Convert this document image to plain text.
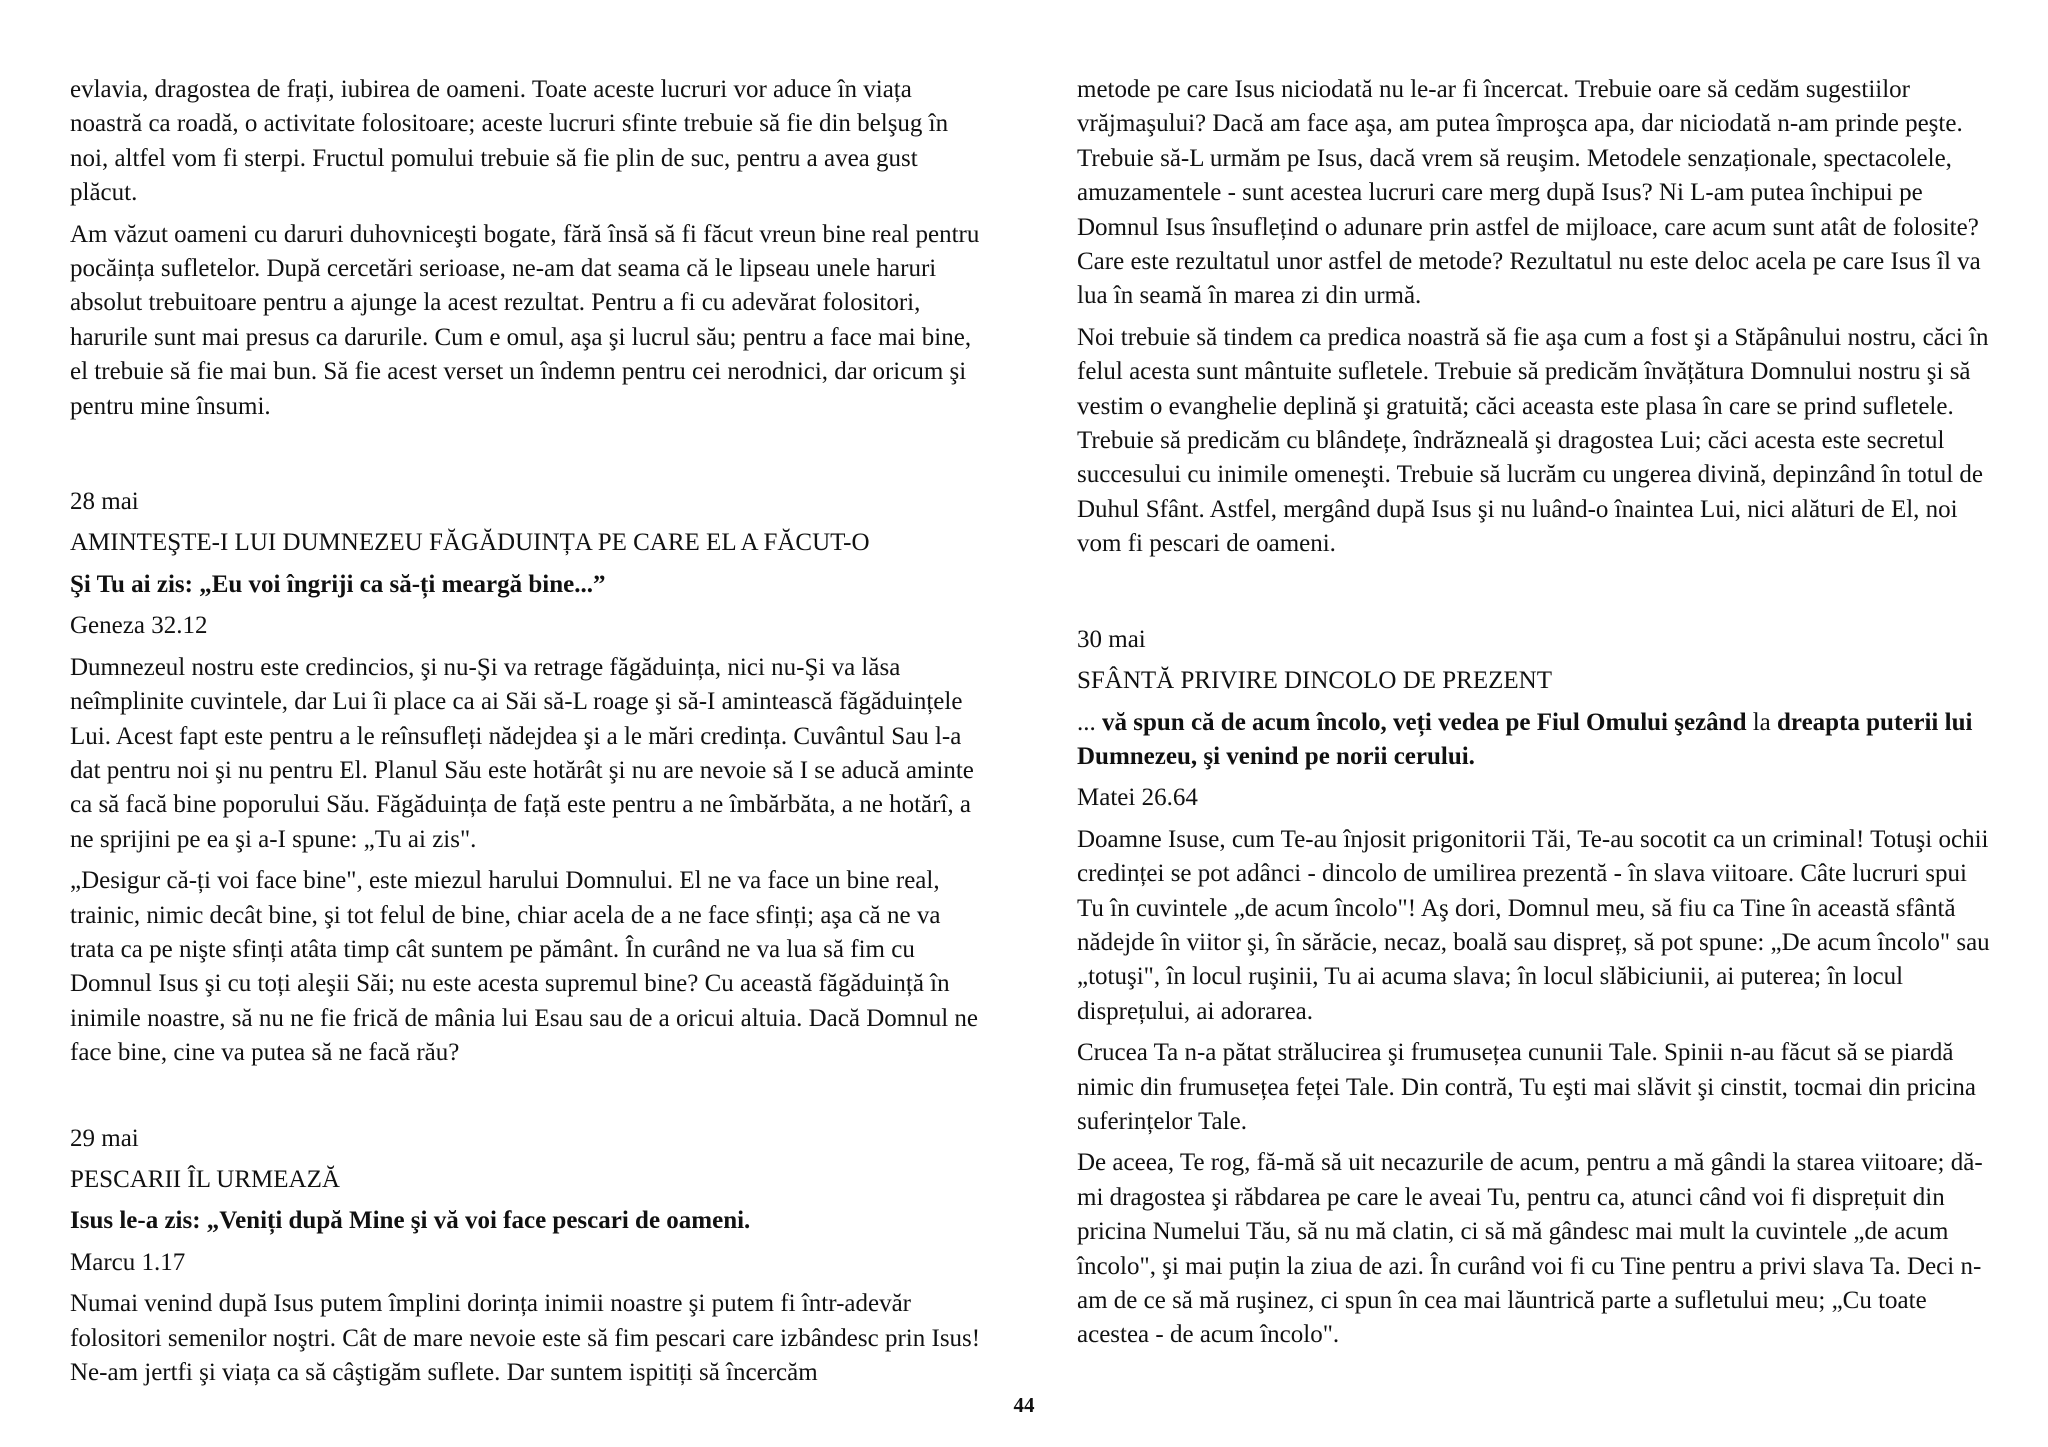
evlavia, dragostea de frați, iubirea de oameni. Toate aceste lucruri vor aduce în viața noastră ca roadă, o activitate folositoare; aceste lucruri sfinte trebuie să fie din belşug în noi, altfel vom fi sterpi. Fructul pomului trebuie să fie plin de suc, pentru a avea gust plăcut.

Am văzut oameni cu daruri duhovniceşti bogate, fără însă să fi făcut vreun bine real pentru pocăința sufletelor. După cercetări serioase, ne-am dat seama că le lipseau unele haruri absolut trebuitoare pentru a ajunge la acest rezultat. Pentru a fi cu adevărat folositori, harurile sunt mai presus ca darurile. Cum e omul, aşa şi lucrul său; pentru a face mai bine, el trebuie să fie mai bun. Să fie acest verset un îndemn pentru cei nerodnici, dar oricum şi pentru mine însumi.

28 mai
AMINTEŞTE-I LUI DUMNEZEU FĂGĂDUINȚA PE CARE EL A FĂCUT-O
Şi Tu ai zis: „Eu voi îngriji ca să-ți meargă bine...”
Geneza 32.12

Dumnezeul nostru este credincios, şi nu-Şi va retrage făgăduința, nici nu-Şi va lăsa neîmplinite cuvintele, dar Lui îi place ca ai Săi să-L roage şi să-I amintească făgăduințele Lui. Acest fapt este pentru a le reînsufleți nădejdea şi a le mări credința. Cuvântul Sau l-a dat pentru noi şi nu pentru El. Planul Său este hotărât şi nu are nevoie să I se aducă aminte ca să facă bine poporului Său. Făgăduința de față este pentru a ne îmbărbăta, a ne hotărî, a ne sprijini pe ea şi a-I spune: „Tu ai zis".

„Desigur că-ți voi face bine", este miezul harului Domnului. El ne va face un bine real, trainic, nimic decât bine, şi tot felul de bine, chiar acela de a ne face sfinți; aşa că ne va trata ca pe nişte sfinți atâta timp cât suntem pe pământ. În curând ne va lua să fim cu Domnul Isus şi cu toți aleşii Săi; nu este acesta supremul bine? Cu această făgăduință în inimile noastre, să nu ne fie frică de mânia lui Esau sau de a oricui altuia. Dacă Domnul ne face bine, cine va putea să ne facă rău?

29 mai
PESCARII ÎL URMEAZĂ
Isus le-a zis: „Veniți după Mine şi vă voi face pescari de oameni.
Marcu 1.17

Numai venind după Isus putem împlini dorința inimii noastre şi putem fi într-adevăr folositori semenilor noştri. Cât de mare nevoie este să fim pescari care izbândesc prin Isus! Ne-am jertfi şi viața ca să câştigăm suflete. Dar suntem ispitiți să încercăm

metode pe care Isus niciodată nu le-ar fi încercat. Trebuie oare să cedăm sugestiilor vrăjmaşului? Dacă am face aşa, am putea împroşca apa, dar niciodată n-am prinde peşte. Trebuie să-L urmăm pe Isus, dacă vrem să reuşim. Metodele senzaționale, spectacolele, amuzamentele - sunt acestea lucruri care merg după Isus? Ni L-am putea închipui pe Domnul Isus însuflețind o adunare prin astfel de mijloace, care acum sunt atât de folosite? Care este rezultatul unor astfel de metode? Rezultatul nu este deloc acela pe care Isus îl va lua în seamă în marea zi din urmă.

Noi trebuie să tindem ca predica noastră să fie aşa cum a fost şi a Stăpânului nostru, căci în felul acesta sunt mântuite sufletele. Trebuie să predicăm învățătura Domnului nostru şi să vestim o evanghelie deplină şi gratuită; căci aceasta este plasa în care se prind sufletele. Trebuie să predicăm cu blândețe, îndrăzneală şi dragostea Lui; căci acesta este secretul succesului cu inimile omeneşti. Trebuie să lucrăm cu ungerea divină, depinzând în totul de Duhul Sfânt. Astfel, mergând după Isus şi nu luând-o înaintea Lui, nici alături de El, noi vom fi pescari de oameni.

30 mai
SFÂNTĂ PRIVIRE DINCOLO DE PREZENT
... vă spun că de acum încolo, veți vedea pe Fiul Omului şezând la dreapta puterii lui Dumnezeu, şi venind pe norii cerului.
Matei 26.64

Doamne Isuse, cum Te-au înjosit prigonitorii Tăi, Te-au socotit ca un criminal! Totuşi ochii credinței se pot adânci - dincolo de umilirea prezentă - în slava viitoare. Câte lucruri spui Tu în cuvintele „de acum încolo"! Aş dori, Domnul meu, să fiu ca Tine în această sfântă nădejde în viitor şi, în sărăcie, necaz, boală sau dispreț, să pot spune: „De acum încolo" sau „totuşi", în locul ruşinii, Tu ai acuma slava; în locul slăbiciunii, ai puterea; în locul disprețului, ai adorarea.

Crucea Ta n-a pătat strălucirea şi frumusețea cununii Tale. Spinii n-au făcut să se piardă nimic din frumusețea feței Tale. Din contră, Tu eşti mai slăvit şi cinstit, tocmai din pricina suferințelor Tale.

De aceea, Te rog, fă-mă să uit necazurile de acum, pentru a mă gândi la starea viitoare; dă-mi dragostea şi răbdarea pe care le aveai Tu, pentru ca, atunci când voi fi disprețuit din pricina Numelui Tău, să nu mă clatin, ci să mă gândesc mai mult la cuvintele „de acum încolo", şi mai puțin la ziua de azi. În curând voi fi cu Tine pentru a privi slava Ta. Deci n-am de ce să mă ruşinez, ci spun în cea mai lăuntrică parte a sufletului meu; „Cu toate acestea - de acum încolo".

44
